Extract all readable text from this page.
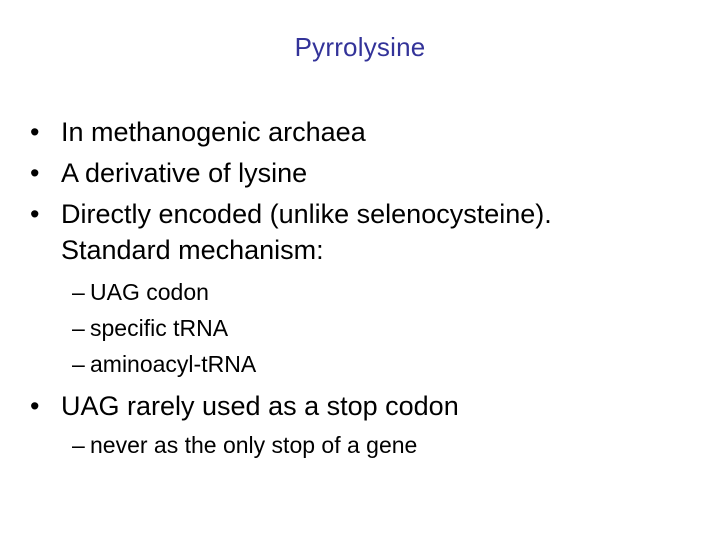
Pyrrolysine
• In methanogenic archaea
• A derivative of lysine
• Directly encoded (unlike selenocysteine).
Standard mechanism:
– UAG codon
– specific t​RNA
– aminoacyl-t​RNA
• UAG rarely used as a stop codon
– never as the only stop of a gene
